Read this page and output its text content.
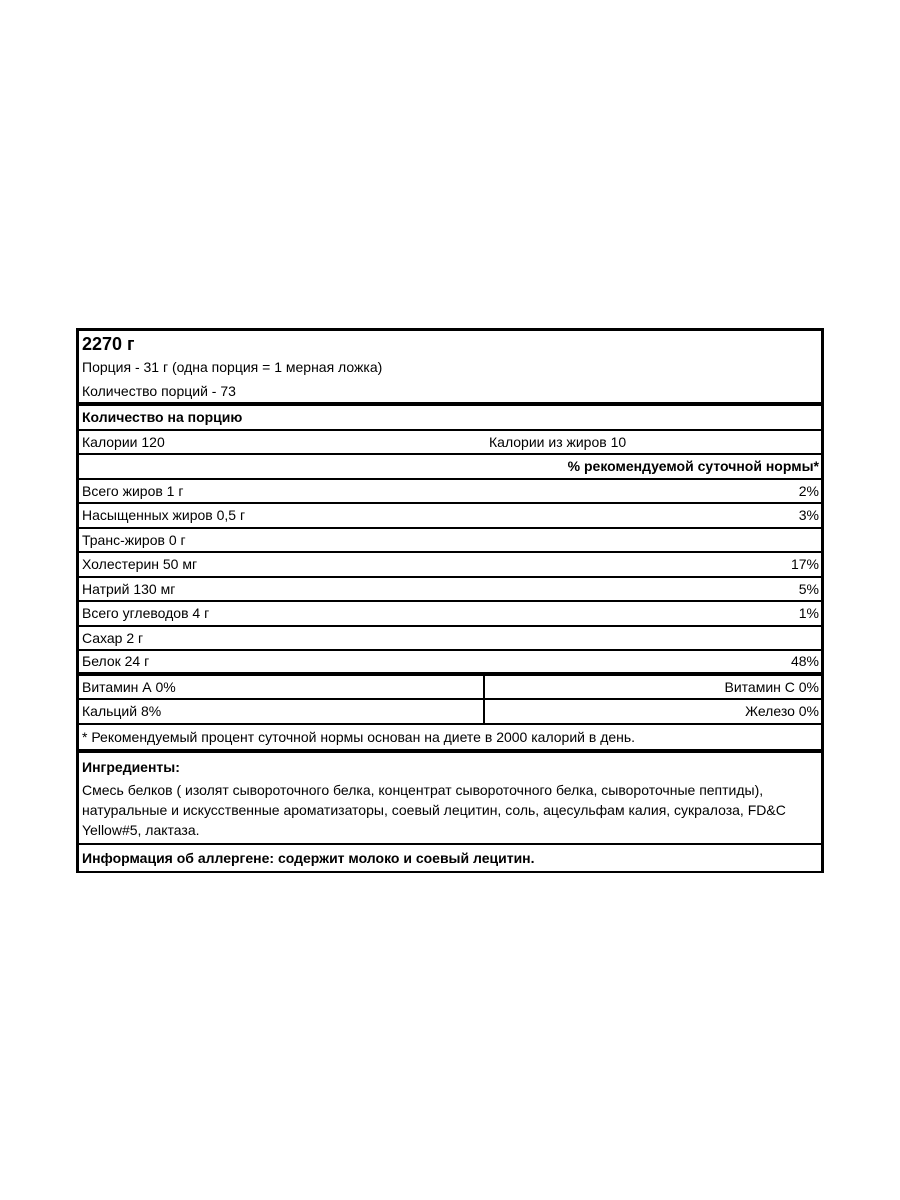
2270 г
Порция - 31 г (одна порция = 1 мерная ложка)
Количество порций - 73
Количество на порцию
Калории 120	Калории из жиров 10
% рекомендуемой суточной нормы*
Всего жиров 1 г	2%
Насыщенных жиров 0,5 г	3%
Транс-жиров 0 г
Холестерин 50 мг	17%
Натрий 130 мг	5%
Всего углеводов 4 г	1%
Сахар 2 г
Белок 24 г	48%
Витамин А 0%	Витамин С 0%
Кальций 8%	Железо 0%
* Рекомендуемый процент суточной нормы основан на диете в 2000 калорий в день.
Ингредиенты:
Смесь белков ( изолят сывороточного белка, концентрат сывороточного белка, сывороточные пептиды), натуральные и искусственные ароматизаторы, соевый лецитин, соль, ацесульфам калия, сукралоза, FD&C Yellow#5, лактаза.
Информация об аллергене: содержит молоко и соевый лецитин.
